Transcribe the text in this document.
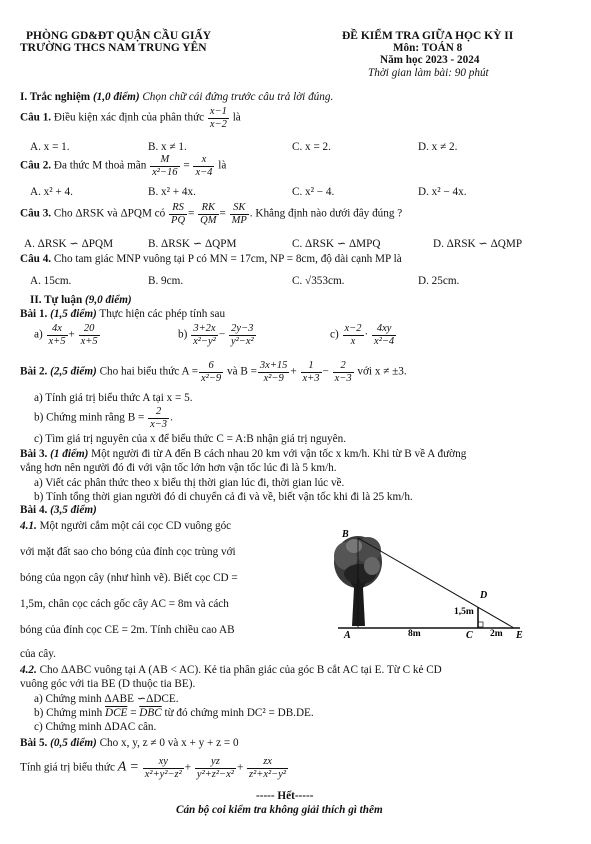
PHÒNG GD&ĐT QUẬN CẦU GIẤY
TRƯỜNG THCS NAM TRUNG YÊN
ĐỀ KIỂM TRA GIỮA HỌC KỲ II
Môn: TOÁN 8
Năm học 2023 - 2024
Thời gian làm bài: 90 phút
I. Trắc nghiệm (1,0 điểm) Chọn chữ cái đứng trước câu trả lời đúng.
Câu 1. Điều kiện xác định của phân thức $\frac{x-1}{x-2}$ là
A. x = 1.	B. x ≠ 1.	C. x = 2.	D. x ≠ 2.
Câu 2. Đa thức M thoả mãn $\frac{M}{\text{x²−16}} = \frac{x}{x-4}$ là
A. x² + 4.	B. x² + 4x.	C. x² − 4.	D. x² − 4x.
Câu 3. Cho ΔRSK và ΔPQM có $\frac{RS}{PQ} = \frac{RK}{QM} = \frac{SK}{MP}$ . Khẳng định nào dưới đây đúng ?
A. ΔRSK ∽ ΔPQM	B. ΔRSK ∽ ΔQPM	C. ΔRSK ∽ ΔMPQ	D. ΔRSK ∽ ΔQMP
Câu 4. Cho tam giác MNP vuông tại P có MN = 17cm, NP = 8cm, độ dài cạnh MP là
A. 15cm.	B. 9cm.	C. √353cm.	D. 25cm.
II. Tự luận (9,0 điểm)
Bài 1. (1,5 điểm) Thực hiện các phép tính sau
$a) \frac{4x}{x+5} + \frac{20}{x+5}$	$b) \frac{3+2x}{\text{x²−y²}} - \frac{2y-3}{\text{y²−x²}}$	$c) \frac{x-2}{x} \cdot \frac{4xy}{\text{x²−4}}$
Bài 2. (2,5 điểm) Cho hai biểu thức $A = \frac{6}{\text{x²−9}}$ và $B = \frac{3x+15}{\text{x²−9}} + \frac{1}{x+3} - \frac{2}{x-3}$ với x ≠ ±3.
a) Tính giá trị biểu thức A tại x = 5.
b) Chứng minh rằng $B = \frac{2}{x-3}$ .
c) Tìm giá trị nguyên của x để biểu thức C = A:B nhận giá trị nguyên.
Bài 3. (1 điểm) Một người đi từ A đến B cách nhau 20 km với vận tốc x km/h. Khi từ B về A đường
vắng hơn nên người đó đi với vận tốc lớn hơn vận tốc lúc đi là 5 km/h.
a) Viết các phân thức theo x biểu thị thời gian lúc đi, thời gian lúc về.
b) Tính tổng thời gian người đó di chuyển cả đi và về, biết vận tốc khi đi là 25 km/h.
Bài 4. (3,5 điểm)
4.1. Một người cắm một cái cọc CD vuông góc
với mặt đất sao cho bóng của đỉnh cọc trùng với
bóng của ngọn cây (như hình vẽ). Biết cọc CD =
1,5m, chân cọc cách gốc cây AC = 8m và cách
bóng của đỉnh cọc CE = 2m. Tính chiều cao AB
của cây.
B
D
A	C	E
1,5m
8m	2m
4.2. Cho ΔABC vuông tại A (AB < AC). Kẻ tia phân giác của góc B cắt AC tại E. Từ C kẻ CD
vuông góc với tia BE (D thuộc tia BE).
a) Chứng minh ΔABE ∽ΔDCE.
b) Chứng minh $\overline{DCE} = \overline{DBC}$ từ đó chứng minh DC² = DB.DE.
c) Chứng minh ΔDAC cân.
Bài 5. (0,5 điểm) Cho x, y, z ≠ 0 và x + y + z = 0
Tính giá trị biểu thức $A = \frac{xy}{\text{x²+y²−z²}} + \frac{yz}{\text{y²+z²−x²}} + \frac{zx}{\text{z²+x²−y²}}$
----- Hết-----
Cán bộ coi kiểm tra không giải thích gì thêm
